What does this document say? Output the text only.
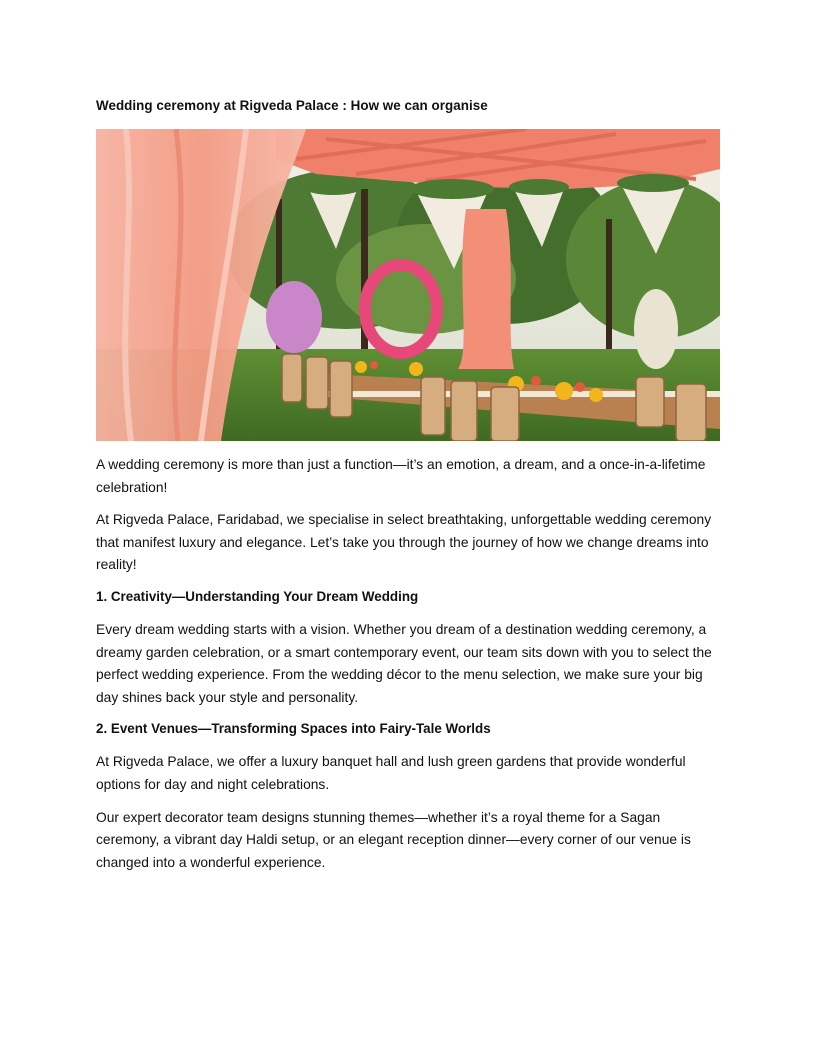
Wedding ceremony at Rigveda Palace : How we can organise

A wedding ceremony is more than just a function—it’s an emotion, a dream, and a once-in-a-lifetime celebration!

At Rigveda Palace, Faridabad, we specialise in select breathtaking, unforgettable wedding ceremony that manifest luxury and elegance. Let’s take you through the journey of how we change dreams into reality!

1. Creativity—Understanding Your Dream Wedding

Every dream wedding starts with a vision. Whether you dream of a destination wedding ceremony, a dreamy garden celebration, or a smart contemporary event, our team sits down with you to select the perfect wedding experience. From the wedding décor to the menu selection, we make sure your big day shines back your style and personality.

2. Event Venues—Transforming Spaces into Fairy-Tale Worlds

At Rigveda Palace, we offer a luxury banquet hall and lush green gardens that provide wonderful options for day and night celebrations.

Our expert decorator team designs stunning themes—whether it’s a royal theme for a Sagan ceremony, a vibrant day Haldi setup, or an elegant reception dinner—every corner of our venue is changed into a wonderful experience.
